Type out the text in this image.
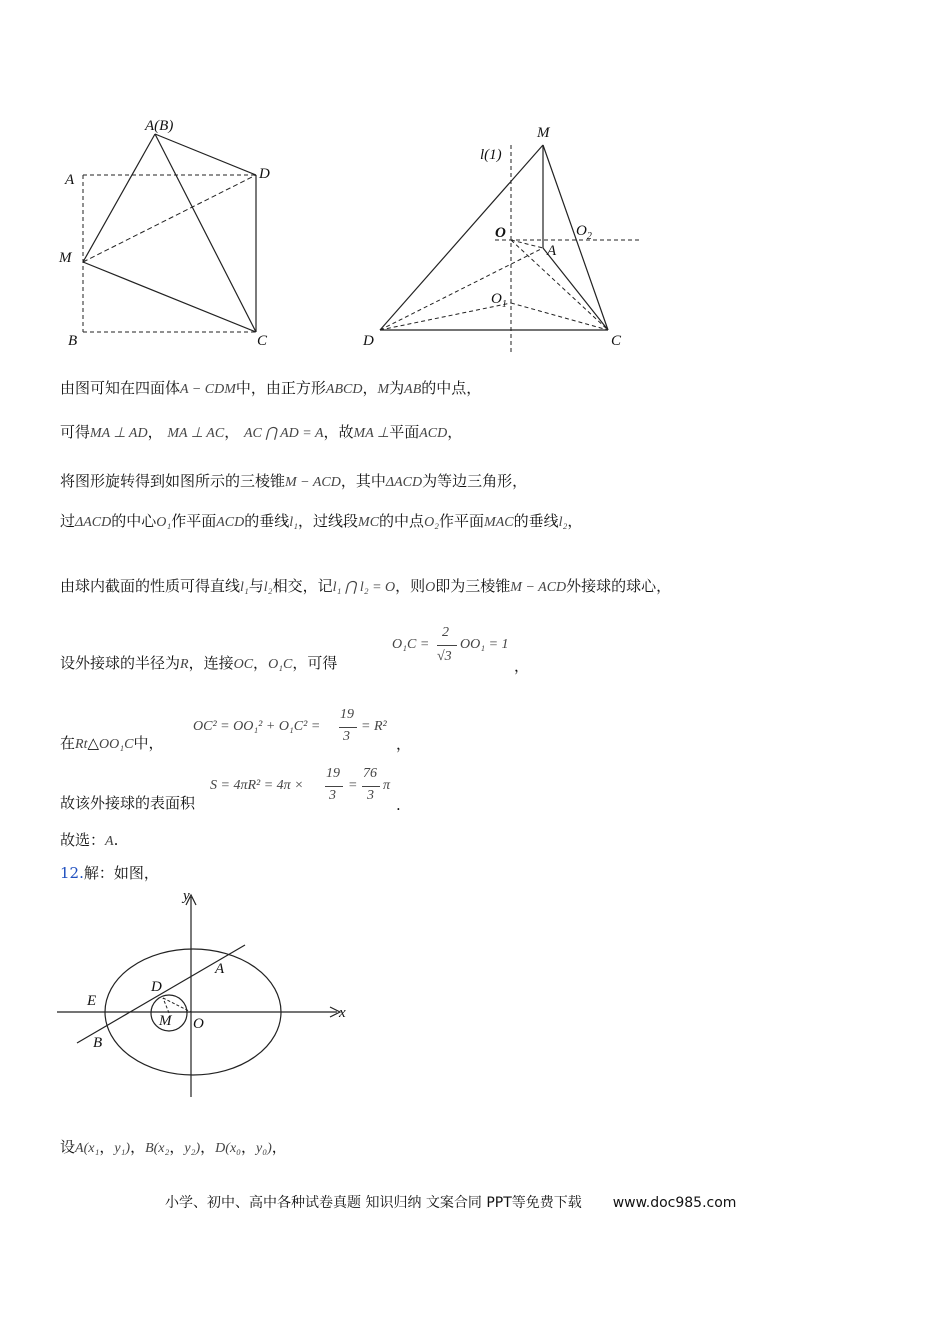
A(B)
A	D
M
B	C
M
l(1)
O	$O_2$
A
$O_1$
D	C
由图可知在四面体A − CDM中，由正方形ABCD，M为AB的中点，
可得MA ⊥ AD， MA ⊥ AC， AC ⋂ AD = A，故MA ⊥平面ACD，
将图形旋转得到如图所示的三棱锥M − ACD，其中ΔACD为等边三角形，
过ΔACD的中心O₁作平面ACD的垂线l₁，过线段MC的中点O₂作平面MAC的垂线l₂，
由球内截面的性质可得直线l₁与l₂相交，记l₁ ⋂ l₂ = O，则O即为三棱锥M − ACD外接球的球心，
设外接球的半径为R，连接OC，O₁C，可得
O₁C =
2
√3
OO₁ = 1
，
在Rt△OO₁C中，
OC² = OO₁² + O₁C² =
19
3
= R²
，
故该外接球的表面积
S = 4πR² = 4π ×
19
3
=
76
3
π
.
故选：A.
12.解：如图，
y
x
A
E
D
M O
B
设A(x₁，y₁)，B(x₂，y₂)，D(x₀，y₀)，
小学、初中、高中各种试卷真题 知识归纳 文案合同 PPT等免费下载 www.doc985.com
